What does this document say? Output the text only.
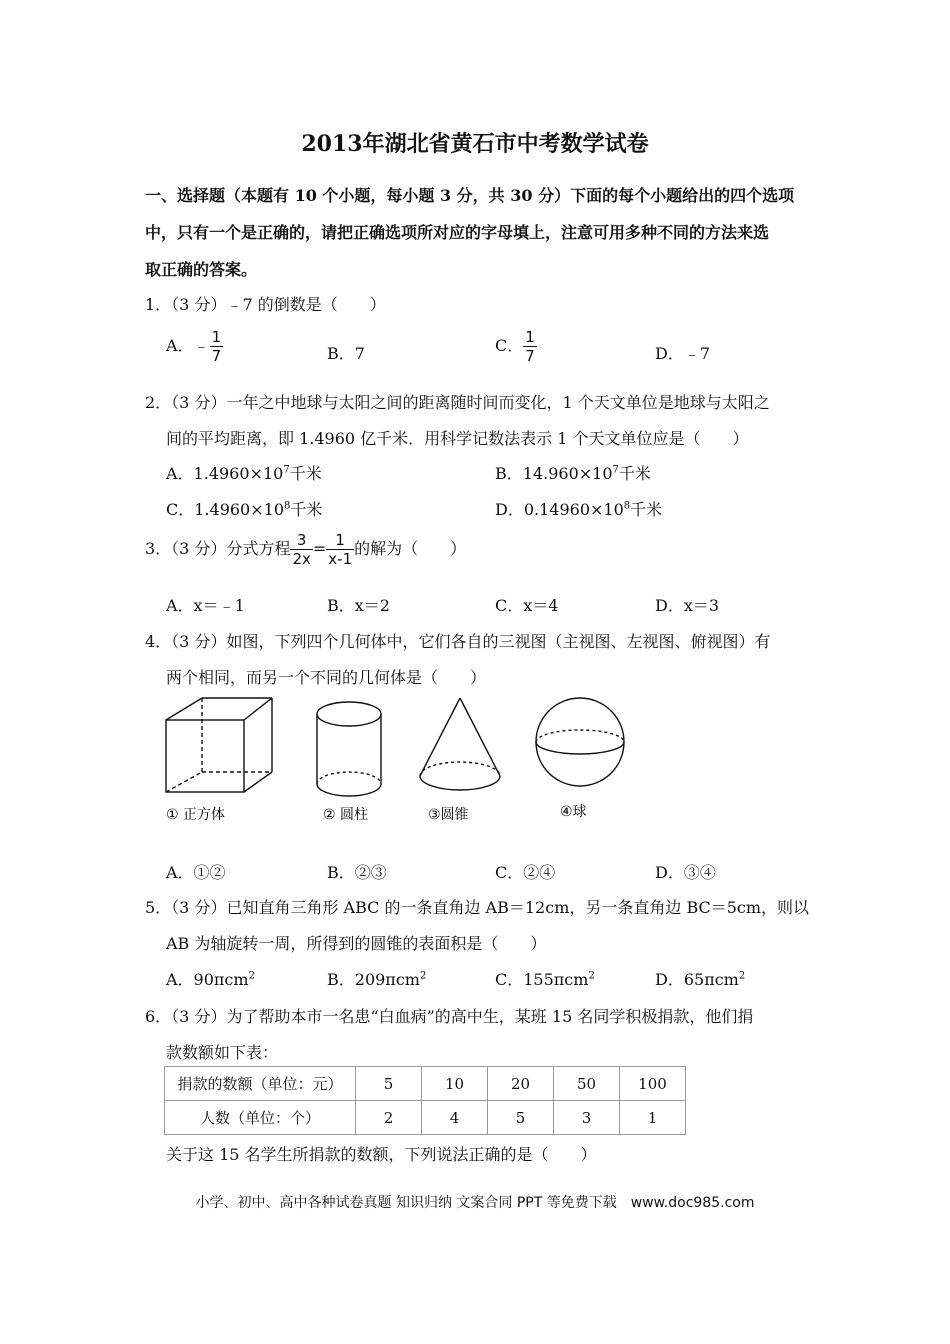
2013年湖北省黄石市中考数学试卷
一、选择题（本题有 10 个小题，每小题 3 分，共 30 分）下面的每个小题给出的四个选项
中，只有一个是正确的，请把正确选项所对应的字母填上，注意可用多种不同的方法来选
取正确的答案。
1．（3 分）﹣7 的倒数是（　　）
A．﹣ $\frac{1}{7}$	B．7	C． $\frac{1}{7}$	D．﹣7
2．（3 分）一年之中地球与太阳之间的距离随时间而变化，1 个天文单位是地球与太阳之
间的平均距离，即 1.4960 亿千米．用科学记数法表示 1 个天文单位应是（　　）
A．$1.4960\times 10^7$千米	B．$14.960\times 10^7$千米
C．$1.4960\times 10^8$千米	D．$0.14960\times 10^8$千米
3．（3 分）分式方程 $\frac{3}{2x} = \frac{1}{x-1}$ 的解为（　　）
A．x＝﹣1	B．x＝2	C．x＝4	D．x＝3
4．（3 分）如图，下列四个几何体中，它们各自的三视图（主视图、左视图、俯视图）有
两个相同，而另一个不同的几何体是（　　）
① 正方体	② 圆柱	③圆锥	④球
A．①②	B．②③	C．②④	D．③④
5．（3 分）已知直角三角形 ABC 的一条直角边 AB＝12cm，另一条直角边 BC＝5cm，则以
AB 为轴旋转一周，所得到的圆锥的表面积是（　　）
A．90πcm$^2$	B．209πcm$^2$	C．155πcm$^2$	D．65πcm$^2$
6．（3 分）为了帮助本市一名患“白血病”的高中生，某班 15 名同学积极捐款，他们捐
款数额如下表：
捐款的数额（单位：元）	5	10	20	50	100
人数（单位：个）	2	4	5	3	1
关于这 15 名学生所捐款的数额，下列说法正确的是（　　）
小学、初中、高中各种试卷真题 知识归纳 文案合同 PPT 等免费下载　www.doc985.com
